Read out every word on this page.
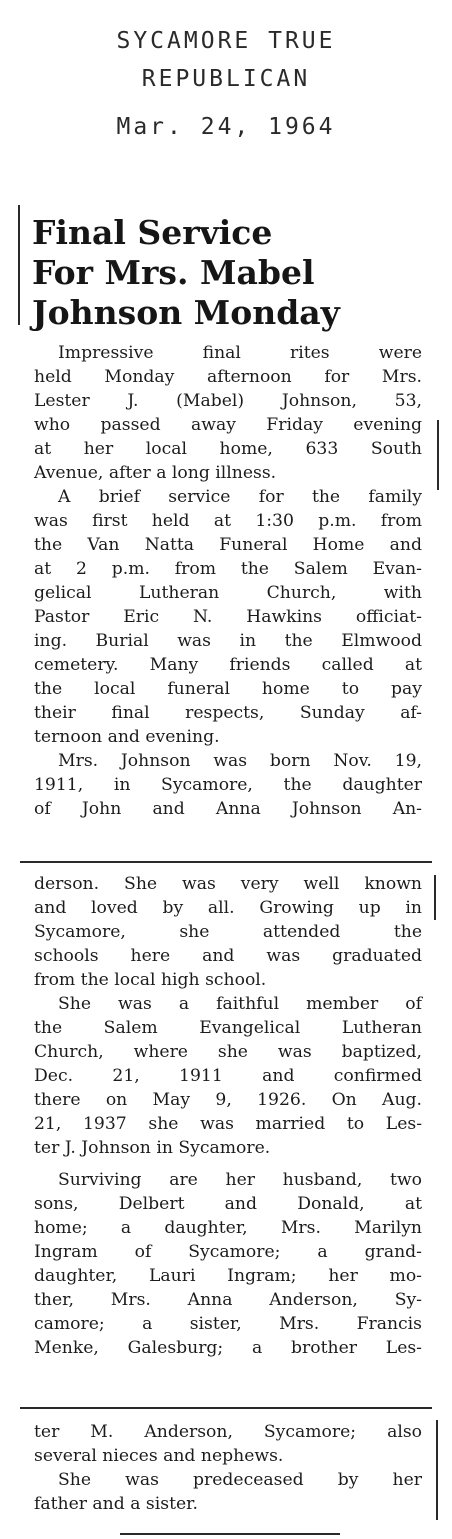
SYCAMORE TRUE
REPUBLICAN
Mar. 24, 1964
Final Service
For Mrs. Mabel
Johnson Monday
Impressive final rites were
held Monday afternoon for Mrs.
Lester J. (Mabel) Johnson, 53,
who passed away Friday evening
at her local home, 633 South
Avenue, after a long illness.
A brief service for the family
was first held at 1:30 p.m. from
the Van Natta Funeral Home and
at 2 p.m. from the Salem Evan-
gelical Lutheran Church, with
Pastor Eric N. Hawkins officiat-
ing. Burial was in the Elmwood
cemetery. Many friends called at
the local funeral home to pay
their final respects, Sunday af-
ternoon and evening.
Mrs. Johnson was born Nov. 19,
1911, in Sycamore, the daughter
of John and Anna Johnson An-
derson. She was very well known
and loved by all. Growing up in
Sycamore, she attended the
schools here and was graduated
from the local high school.
She was a faithful member of
the Salem Evangelical Lutheran
Church, where she was baptized,
Dec. 21, 1911 and confirmed
there on May 9, 1926. On Aug.
21, 1937 she was married to Les-
ter J. Johnson in Sycamore.
Surviving are her husband, two
sons, Delbert and Donald, at
home; a daughter, Mrs. Marilyn
Ingram of Sycamore; a grand-
daughter, Lauri Ingram; her mo-
ther, Mrs. Anna Anderson, Sy-
camore; a sister, Mrs. Francis
Menke, Galesburg; a brother Les-
ter M. Anderson, Sycamore; also
several nieces and nephews.
She was predeceased by her
father and a sister.
